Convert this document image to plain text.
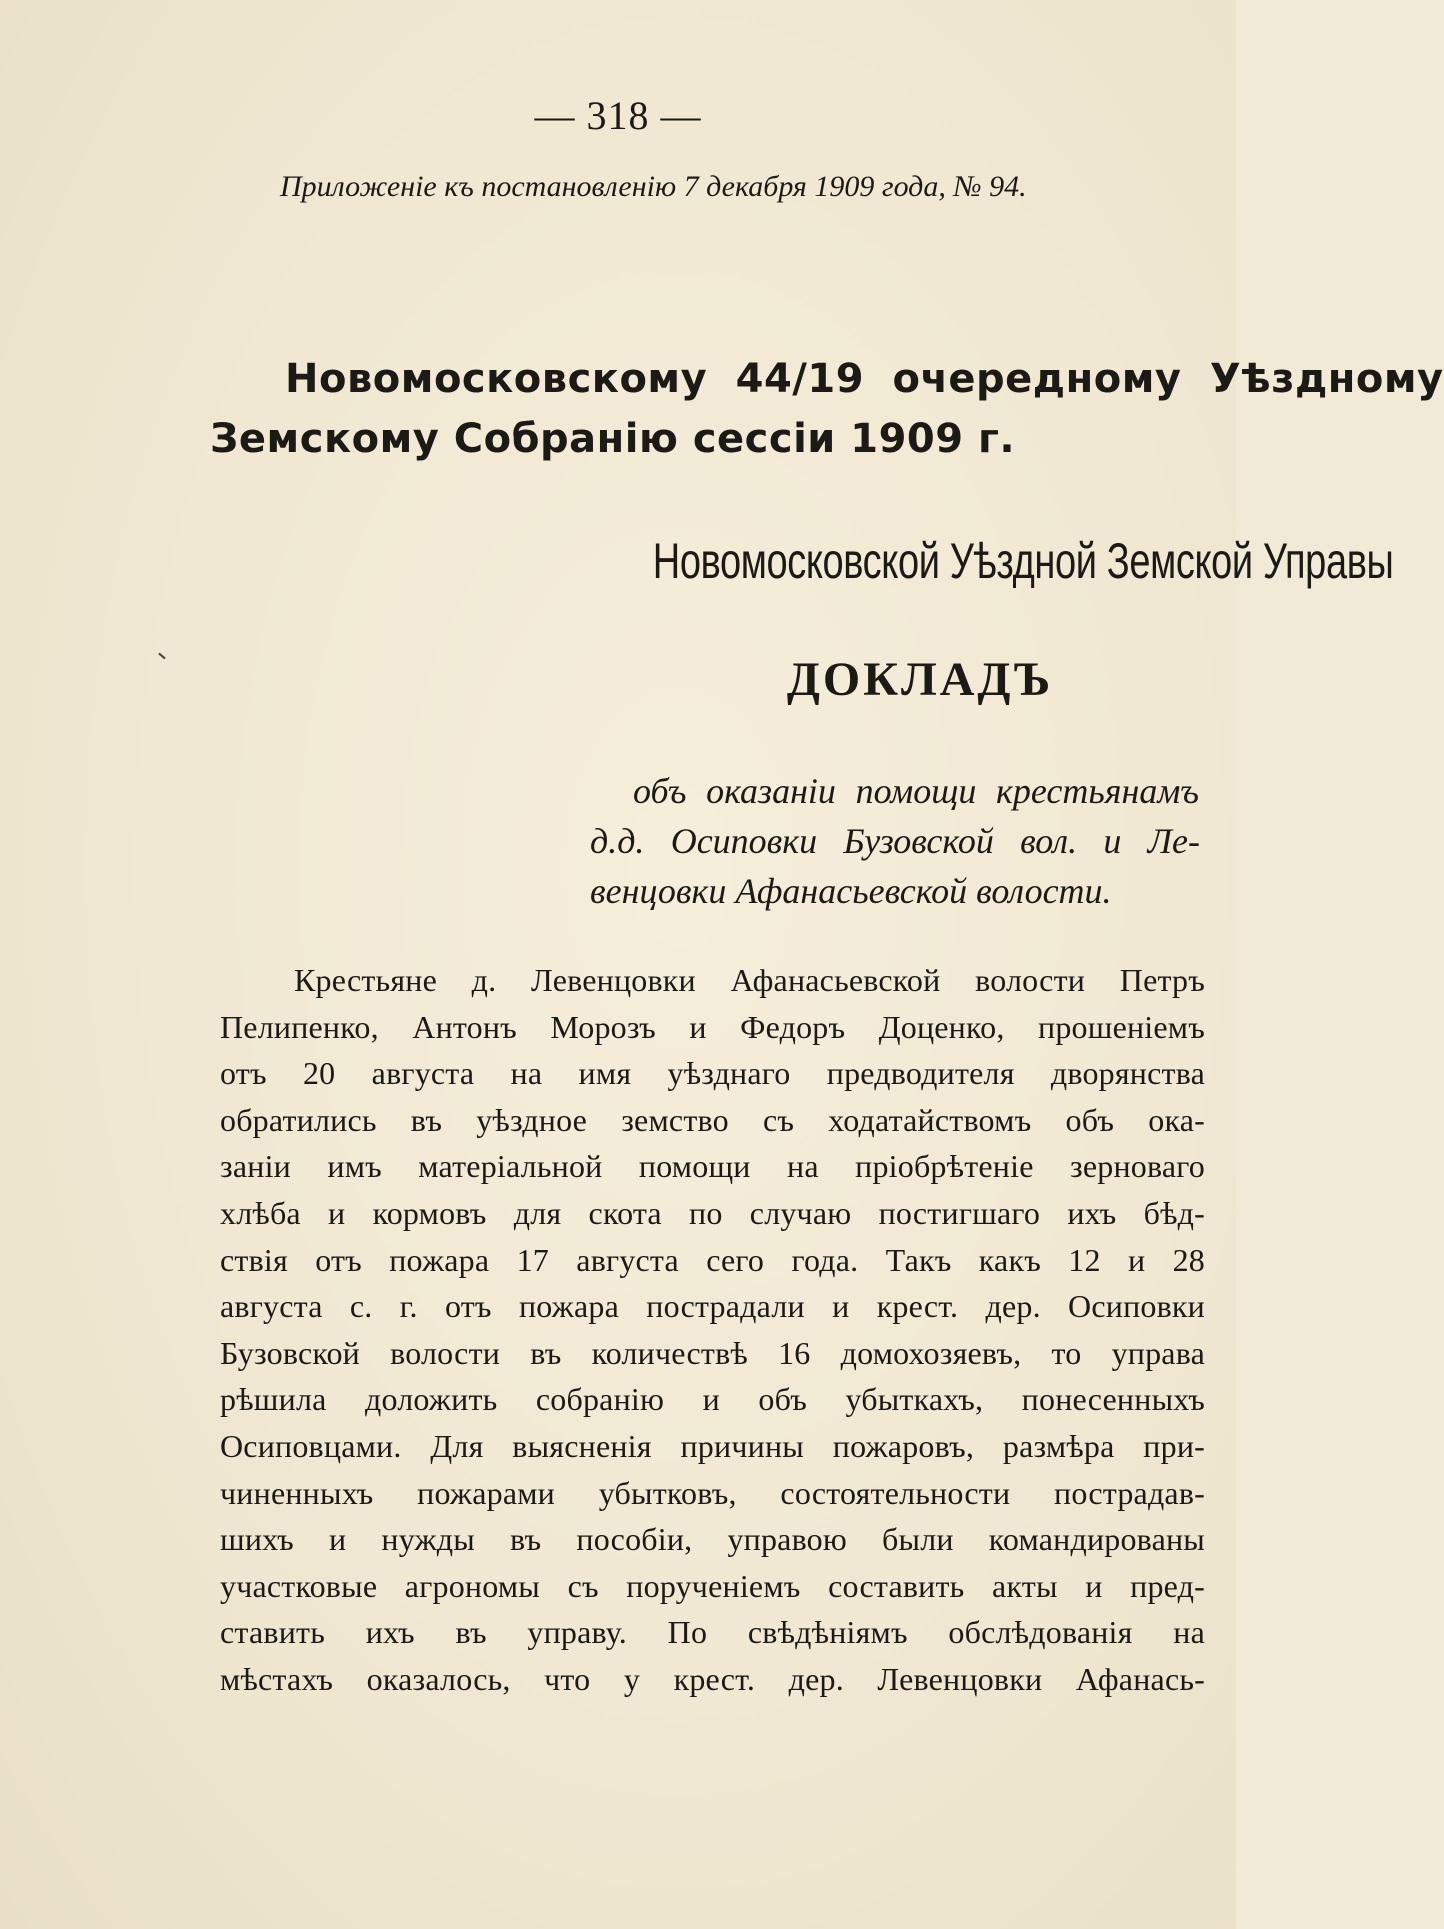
— 318 —
Приложеніе къ постановленію 7 декабря 1909 года, № 94.
Новомосковскому 44/19 очередному Уѣздному
Земскому Собранію сессіи 1909 г.
Новомосковской Уѣздной Земской Управы
ДОКЛАДЪ
объ оказаніи помощи крестьянамъ
д.д. Осиповки Бузовской вол. и Ле-
венцовки Афанасьевской волости.
Крестьяне д. Левенцовки Афанасьевской волости Петръ
Пелипенко, Антонъ Морозъ и Федоръ Доценко, прошеніемъ
отъ 20 августа на имя уѣзднаго предводителя дворянства
обратились въ уѣздное земство съ ходатайствомъ объ ока-
заніи имъ матеріальной помощи на пріобрѣтеніе зерноваго
хлѣба и кормовъ для скота по случаю постигшаго ихъ бѣд-
ствія отъ пожара 17 августа сего года. Такъ какъ 12 и 28
августа с. г. отъ пожара пострадали и крест. дер. Осиповки
Бузовской волости въ количествѣ 16 домохозяевъ, то управа
рѣшила доложить собранію и объ убыткахъ, понесенныхъ
Осиповцами. Для выясненія причины пожаровъ, размѣра при-
чиненныхъ пожарами убытковъ, состоятельности пострадав-
шихъ и нужды въ пособіи, управою были командированы
участковые агрономы съ порученіемъ составить акты и пред-
ставить ихъ въ управу. По свѣдѣніямъ обслѣдованія на
мѣстахъ оказалось, что у крест. дер. Левенцовки Афанась-
